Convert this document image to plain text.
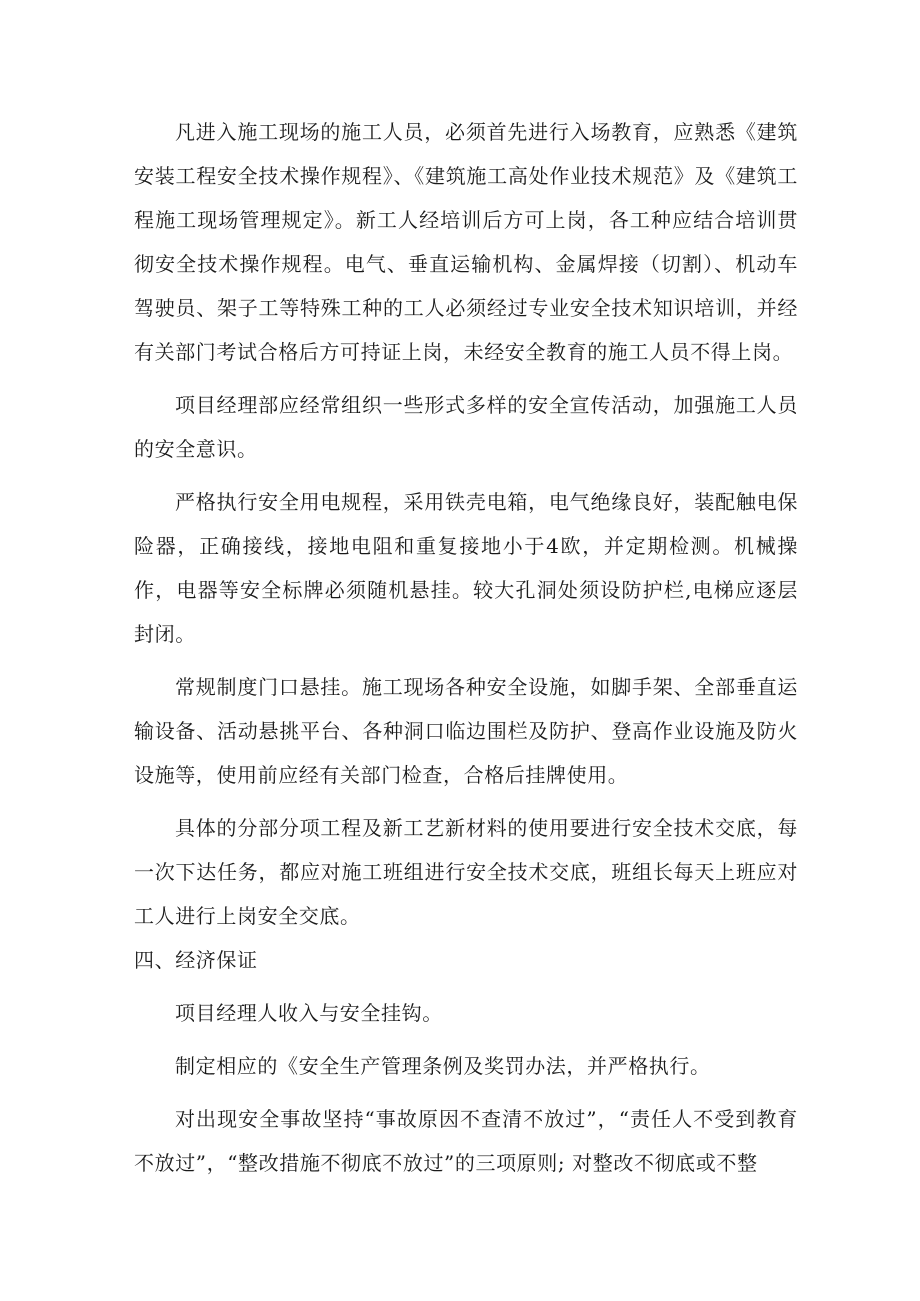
凡进入施工现场的施工人员，必须首先进行入场教育，应熟悉《建筑安装工程安全技术操作规程》、《建筑施工高处作业技术规范》及《建筑工程施工现场管理规定》。新工人经培训后方可上岗，各工种应结合培训贯彻安全技术操作规程。电气、垂直运输机构、金属焊接（切割）、机动车驾驶员、架子工等特殊工种的工人必须经过专业安全技术知识培训，并经有关部门考试合格后方可持证上岗，未经安全教育的施工人员不得上岗。

项目经理部应经常组织一些形式多样的安全宣传活动，加强施工人员的安全意识。

严格执行安全用电规程，采用铁壳电箱，电气绝缘良好，装配触电保险器，正确接线，接地电阻和重复接地小于4欧，并定期检测。机械操作，电器等安全标牌必须随机悬挂。较大孔洞处须设防护栏,电梯应逐层封闭。

常规制度门口悬挂。施工现场各种安全设施，如脚手架、全部垂直运输设备、活动悬挑平台、各种洞口临边围栏及防护、登高作业设施及防火设施等，使用前应经有关部门检查，合格后挂牌使用。

具体的分部分项工程及新工艺新材料的使用要进行安全技术交底，每一次下达任务，都应对施工班组进行安全技术交底，班组长每天上班应对工人进行上岗安全交底。

四、经济保证

项目经理人收入与安全挂钩。

制定相应的《安全生产管理条例及奖罚办法，并严格执行。

对出现安全事故坚持“事故原因不查清不放过”，“责任人不受到教育不放过”，“整改措施不彻底不放过”的三项原则; 对整改不彻底或不整
